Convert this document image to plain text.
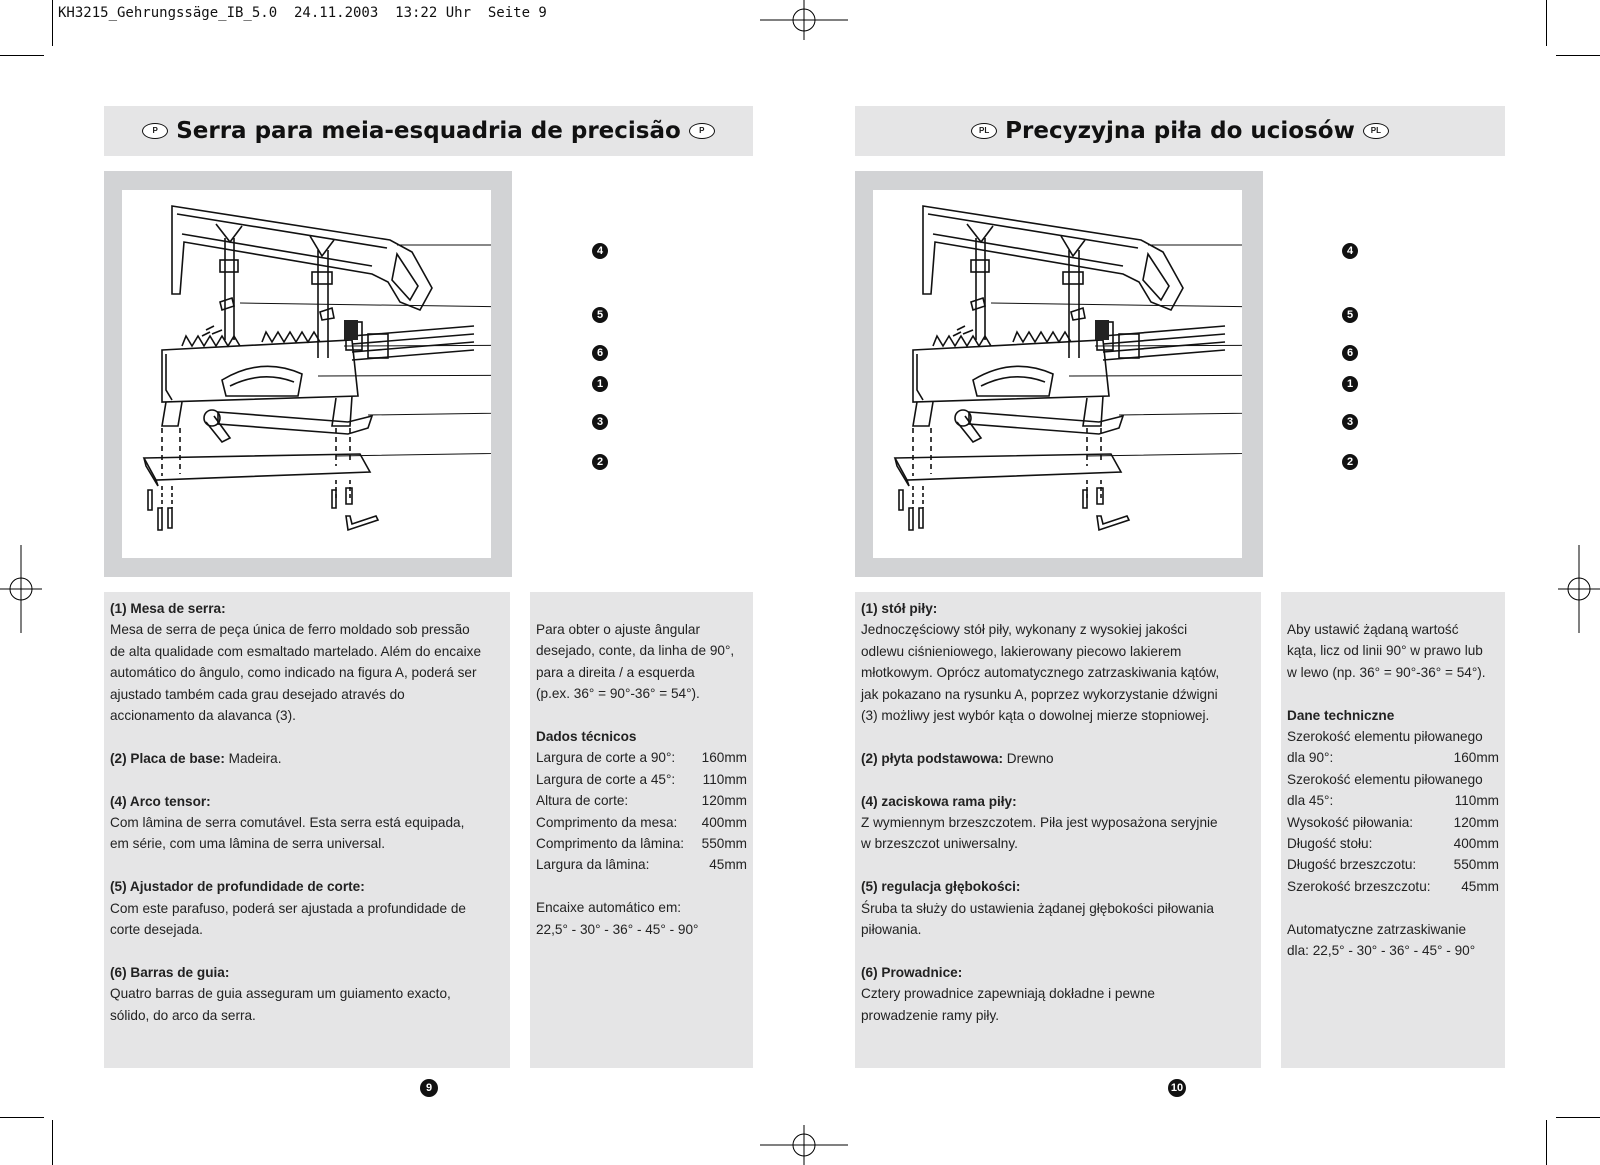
KH3215_Gehrungssäge_IB_5.0  24.11.2003  13:22 Uhr  Seite 9
P Serra para meia-esquadria de precisão	P
4
5
6
1
3
2

(1) Mesa de serra:

Mesa de serra de peça única de ferro moldado sob pressão

de alta qualidade com esmaltado martelado. Além do encaixe

automático do ângulo, como indicado na figura A, poderá ser

ajustado também cada grau desejado através do

accionamento da alavanca (3).

(2) Placa de base: Madeira.

(4) Arco tensor:

Com lâmina de serra comutável. Esta serra está equipada,

em série, com uma lâmina de serra universal.

(5) Ajustador de profundidade de corte:

Com este parafuso, poderá ser ajustada a profundidade de

corte desejada.

(6) Barras de guia:

Quatro barras de guia asseguram um guiamento exacto,

sólido, do arco da serra.

Para obter o ajuste ângular

desejado, conte, da linha de 90°,

para a direita / a esquerda

(p.ex. 36° = 90°-36° = 54°).

Dados técnicos

Largura de corte a 90°: 160mm
Largura de corte a 45°: 110mm
Altura de corte:	120mm
Comprimento da mesa: 400mm
Comprimento da lâmina: 550mm
Largura da lâmina:	45mm

Encaixe automático em:

22,5° - 30° - 36° - 45° - 90°

9
PL Precyzyjna piła do uciosów	PL
4
5
6
1
3
2

(1) stół piły:

Jednoczęściowy stół piły, wykonany z wysokiej jakości

odlewu ciśnieniowego, lakierowany piecowo lakierem

młotkowym. Oprócz automatycznego zatrzaskiwania kątów,

jak pokazano na rysunku A, poprzez wykorzystanie dźwigni

(3) możliwy jest wybór kąta o dowolnej mierze stopniowej.

(2) płyta podstawowa: Drewno

(4) zaciskowa rama piły:

Z wymiennym brzeszczotem. Piła jest wyposażona seryjnie

w brzeszczot uniwersalny.

(5) regulacja głębokości:

Śruba ta służy do ustawienia żądanej głębokości piłowania

piłowania.

(6) Prowadnice:

Cztery prowadnice zapewniają dokładne i pewne

prowadzenie ramy piły.

Aby ustawić żądaną wartość

kąta, licz od linii 90° w prawo lub

w lewo (np. 36° = 90°-36° = 54°).

Dane techniczne

Szerokość elementu piłowanego
dla 90°:	160mm
Szerokość elementu piłowanego
dla 45°:	110mm
Wysokość piłowania:	120mm
Długość stołu:	400mm
Długość brzeszczotu:	550mm
Szerokość brzeszczotu: 45mm

Automatyczne zatrzaskiwanie

dla: 22,5° - 30° - 36° - 45° - 90°

10
